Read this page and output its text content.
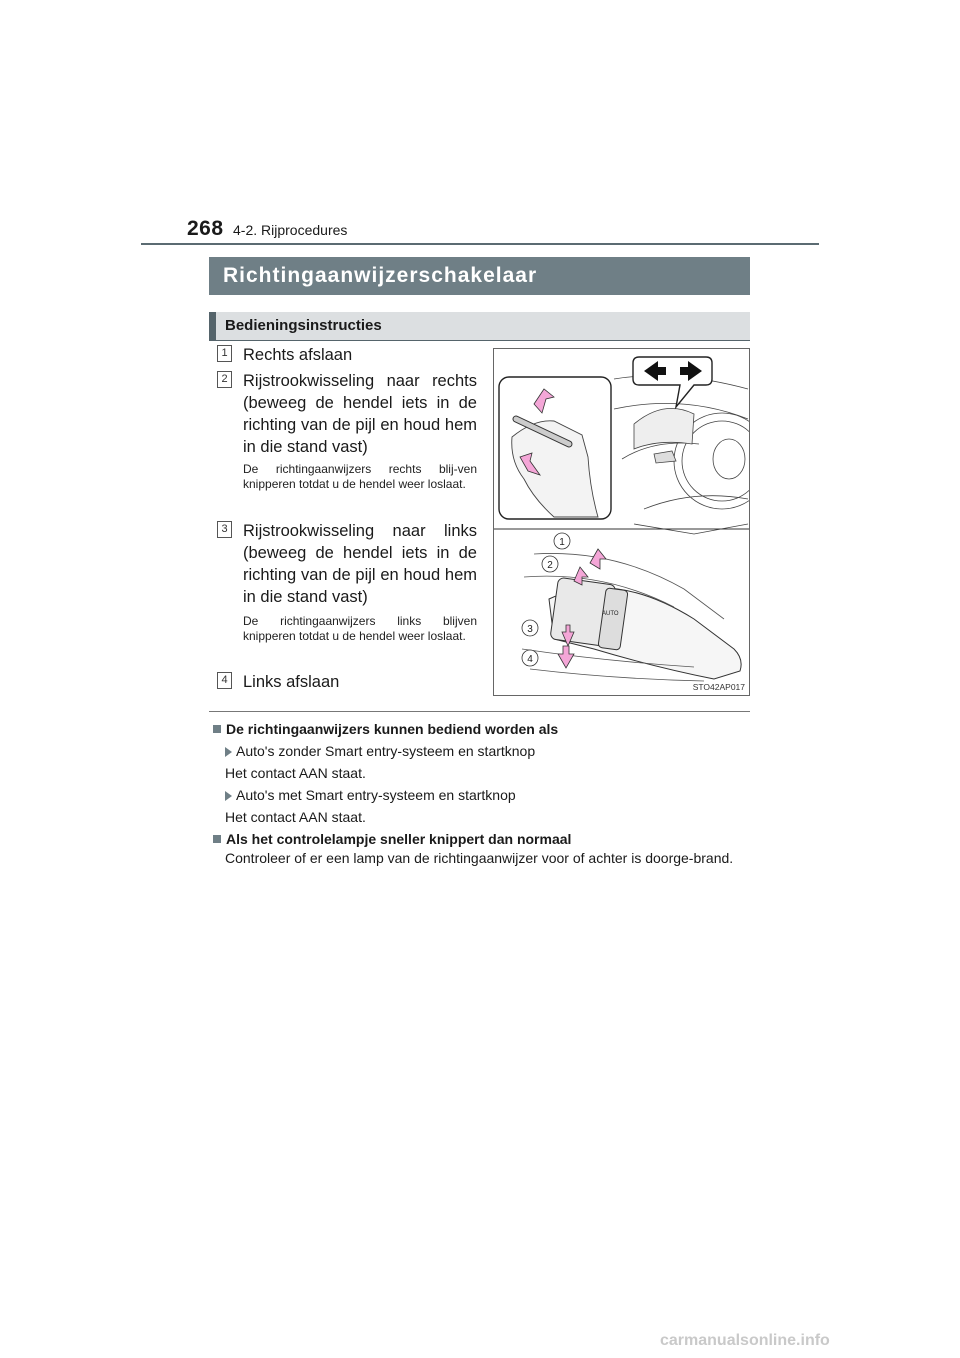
268 4-2. Rijprocedures
Richtingaanwijzerschakelaar
Bedieningsinstructies
1 Rechts afslaan
2 Rijstrookwisseling naar rechts (beweeg de hendel iets in de richting van de pijl en houd hem in die stand vast)
De richtingaanwijzers rechts blij-ven knipperen totdat u de hendel weer loslaat.
3 Rijstrookwisseling naar links (beweeg de hendel iets in de richting van de pijl en houd hem in die stand vast)
De richtingaanwijzers links blijven knipperen totdat u de hendel weer loslaat.
4 Links afslaan
AUTO
1
2
3
4
STO42AP017
De richtingaanwijzers kunnen bediend worden als
Auto's zonder Smart entry-systeem en startknop
Het contact AAN staat.
Auto's met Smart entry-systeem en startknop
Het contact AAN staat.
Als het controlelampje sneller knippert dan normaal
Controleer of er een lamp van de richtingaanwijzer voor of achter is doorge-brand.
carmanualsonline.info
